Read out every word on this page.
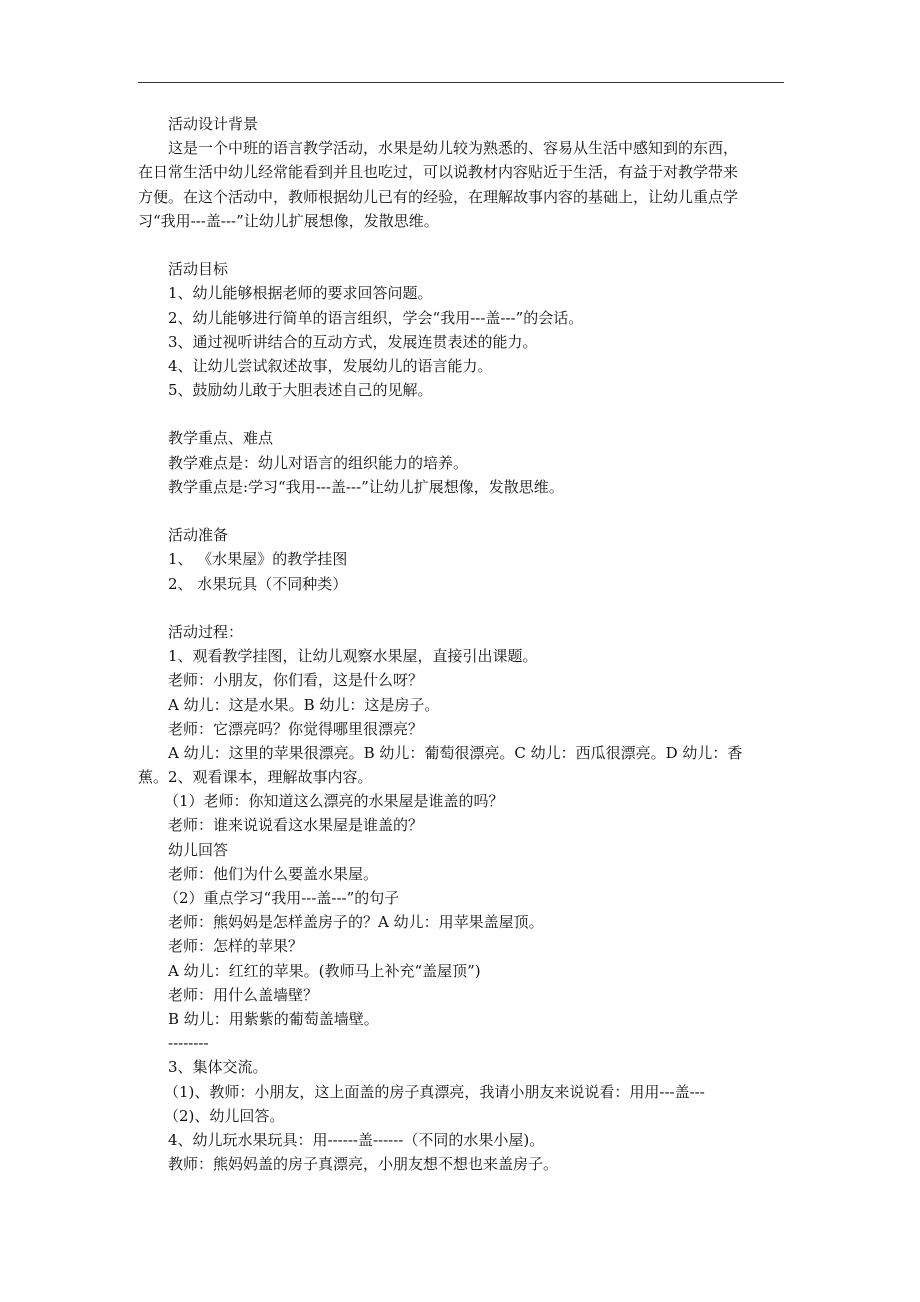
活动设计背景
这是一个中班的语言教学活动，水果是幼儿较为熟悉的、容易从生活中感知到的东西，
在日常生活中幼儿经常能看到并且也吃过，可以说教材内容贴近于生活，有益于对教学带来
方便。在这个活动中，教师根据幼儿已有的经验，在理解故事内容的基础上，让幼儿重点学
习“我用---盖---”让幼儿扩展想像，发散思维。
活动目标
1、幼儿能够根据老师的要求回答问题。
2、幼儿能够进行简单的语言组织，学会“我用---盖---”的会话。
3、通过视听讲结合的互动方式，发展连贯表述的能力。
4、让幼儿尝试叙述故事，发展幼儿的语言能力。
5、鼓励幼儿敢于大胆表述自己的见解。
教学重点、难点
教学难点是：幼儿对语言的组织能力的培养。
教学重点是:学习“我用---盖---”让幼儿扩展想像，发散思维。
活动准备
1、 《水果屋》的教学挂图
2、 水果玩具（不同种类）
活动过程：
1、观看教学挂图，让幼儿观察水果屋，直接引出课题。
老师：小朋友，你们看，这是什么呀？
A 幼儿：这是水果。B 幼儿：这是房子。
老师：它漂亮吗？你觉得哪里很漂亮？
A 幼儿：这里的苹果很漂亮。B 幼儿：葡萄很漂亮。C 幼儿：西瓜很漂亮。D 幼儿：香
蕉。2、观看课本，理解故事内容。
（1）老师：你知道这么漂亮的水果屋是谁盖的吗？
老师：谁来说说看这水果屋是谁盖的？
幼儿回答
老师：他们为什么要盖水果屋。
（2）重点学习“我用---盖---”的句子
老师：熊妈妈是怎样盖房子的？A 幼儿：用苹果盖屋顶。
老师：怎样的苹果？
A 幼儿：红红的苹果。(教师马上补充“盖屋顶”)
老师：用什么盖墙壁？
B 幼儿：用紫紫的葡萄盖墙壁。
--------
3、集体交流。
（1)、教师：小朋友，这上面盖的房子真漂亮，我请小朋友来说说看：用用---盖---
（2)、幼儿回答。
4、幼儿玩水果玩具：用------盖------（不同的水果小屋)。
教师：熊妈妈盖的房子真漂亮，小朋友想不想也来盖房子。
